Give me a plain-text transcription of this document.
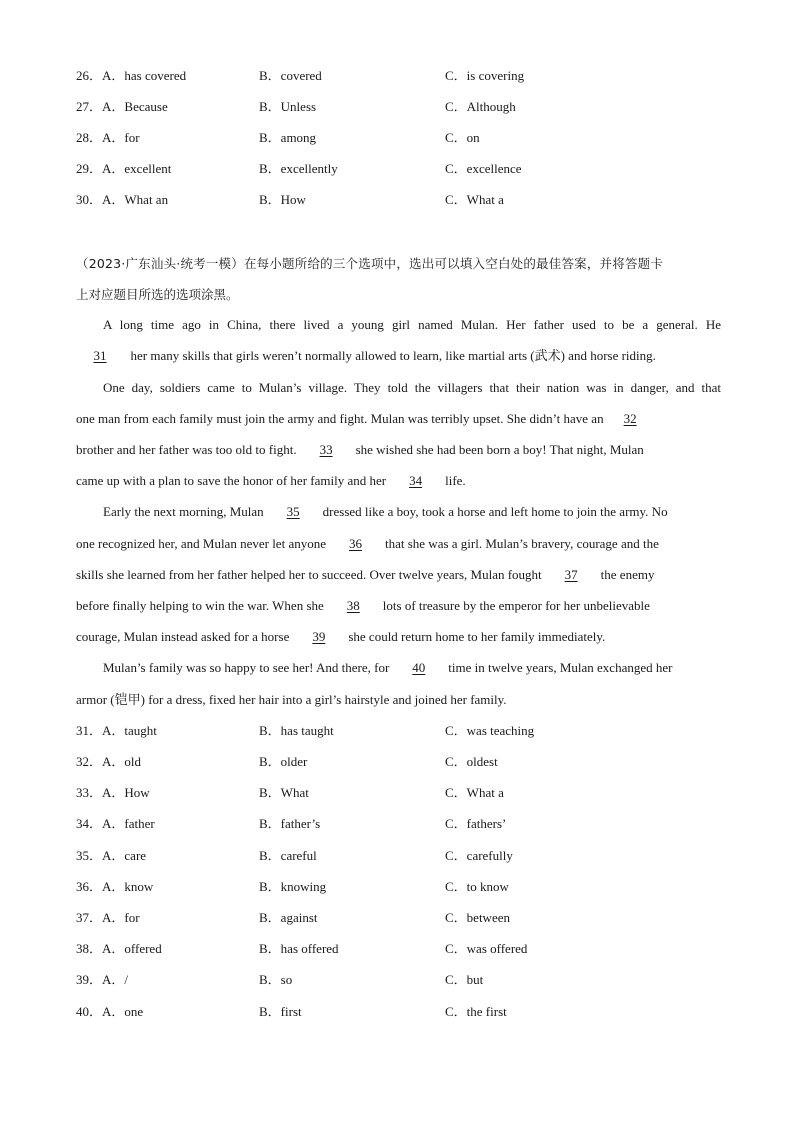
26．A．has covered	B．covered	C．is covering
27．A．Because	B．Unless	C．Although
28．A．for	B．among	C．on
29．A．excellent	B．excellently	C．excellence
30．A．What an	B．How	C．What a
（2023·广东汕头·统考一模）在每小题所给的三个选项中，选出可以填入空白处的最佳答案，并将答题卡
上对应题目所选的选项涂黑。
A long time ago in China, there lived a young girl named Mulan. Her father used to be a general. He
31 her many skills that girls weren’t normally allowed to learn, like martial arts (武术) and horse riding.
One day, soldiers came to Mulan’s village. They told the villagers that their nation was in danger, and that
one man from each family must join the army and fight. Mulan was terribly upset. She didn’t have an 32
brother and her father was too old to fight. 33 she wished she had been born a boy! That night, Mulan
came up with a plan to save the honor of her family and her 34 life.
Early the next morning, Mulan 35 dressed like a boy, took a horse and left home to join the army. No
one recognized her, and Mulan never let anyone 36 that she was a girl. Mulan’s bravery, courage and the
skills she learned from her father helped her to succeed. Over twelve years, Mulan fought 37 the enemy
before finally helping to win the war. When she 38 lots of treasure by the emperor for her unbelievable
courage, Mulan instead asked for a horse 39 she could return home to her family immediately.
Mulan’s family was so happy to see her! And there, for 40 time in twelve years, Mulan exchanged her
armor (铠甲) for a dress, fixed her hair into a girl’s hairstyle and joined her family.
31．A．taught	B．has taught	C．was teaching
32．A．old	B．older	C．oldest
33．A．How	B．What	C．What a
34．A．father	B．father’s	C．fathers’
35．A．care	B．careful	C．carefully
36．A．know	B．knowing	C．to know
37．A．for	B．against	C．between
38．A．offered	B．has offered	C．was offered
39．A．/	B．so	C．but
40．A．one	B．first	C．the first
